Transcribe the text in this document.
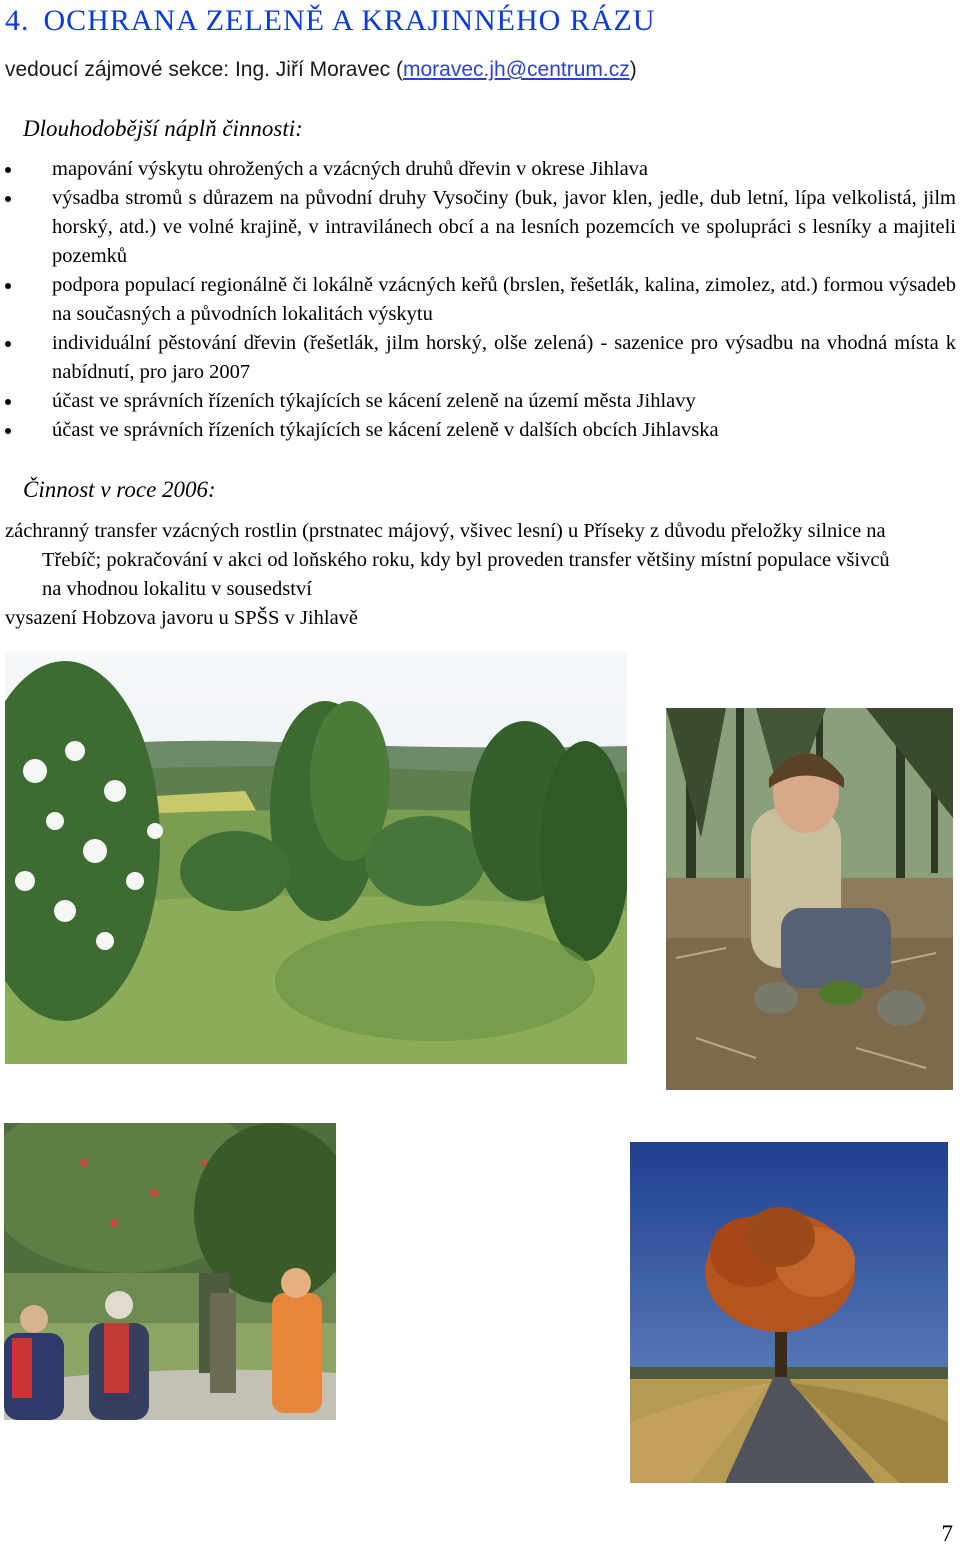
4. OCHRANA ZELENĚ A KRAJINNÉHO RÁZU
vedoucí zájmové sekce: Ing. Jiří Moravec (moravec.jh@centrum.cz)
Dlouhodobější náplň činnosti:
mapování výskytu ohrožených a vzácných druhů dřevin v okrese Jihlava
výsadba stromů s důrazem na původní druhy Vysočiny (buk, javor klen, jedle, dub letní, lípa velkolistá, jilm horský, atd.) ve volné krajině, v intravilánech obcí a na lesních pozemcích ve spolupráci s lesníky a majiteli pozemků
podpora populací regionálně či lokálně vzácných keřů (brslen, řešetlák, kalina, zimolez, atd.) formou výsadeb na současných a původních lokalitách výskytu
individuální pěstování dřevin (řešetlák, jilm horský, olše zelená) - sazenice pro výsadbu na vhodná místa k nabídnutí, pro jaro 2007
účast ve správních řízeních týkajících se kácení zeleně na území města Jihlavy
účast ve správních řízeních týkajících se kácení zeleně v dalších obcích Jihlavska
Činnost v roce 2006:
záchranný transfer vzácných rostlin (prstnatec májový, všivec lesní) u Příseky z důvodu přeložky silnice na Třebíč; pokračování v akci od loňského roku, kdy byl proveden transfer většiny místní populace všivců na vhodnou lokalitu v sousedství
vysazení Hobzova javoru u SPŠS v Jihlavě
7
